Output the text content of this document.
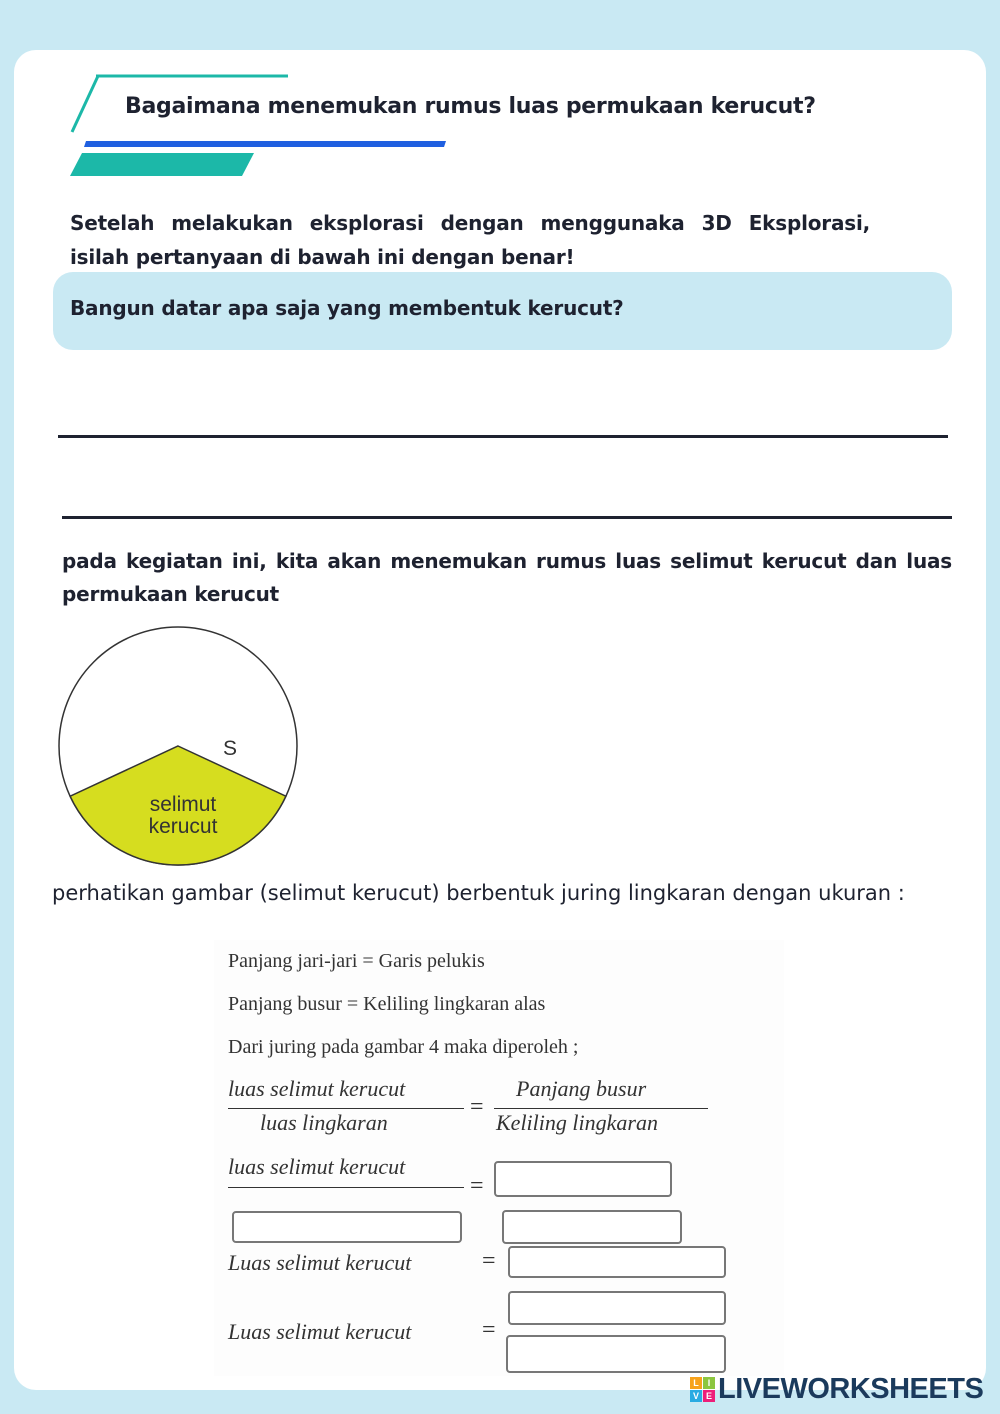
Bagaimana menemukan rumus luas permukaan kerucut?
Setelah melakukan eksplorasi dengan menggunaka 3D Eksplorasi, isilah pertanyaan di bawah ini dengan benar!
Bangun datar apa saja yang membentuk kerucut?
pada kegiatan ini, kita akan menemukan rumus luas selimut kerucut dan luas permukaan kerucut
S
selimut
kerucut
perhatikan gambar (selimut kerucut) berbentuk juring lingkaran dengan ukuran :
Panjang jari-jari = Garis pelukis
Panjang busur = Keliling lingkaran alas
Dari juring pada gambar 4 maka diperoleh ;
luas selimut kerucut
luas lingkaran
=
Panjang busur
Keliling lingkaran
luas selimut kerucut
=
Luas selimut kerucut	=
Luas selimut kerucut	=
L I
V E LIVEWORKSHEETS
